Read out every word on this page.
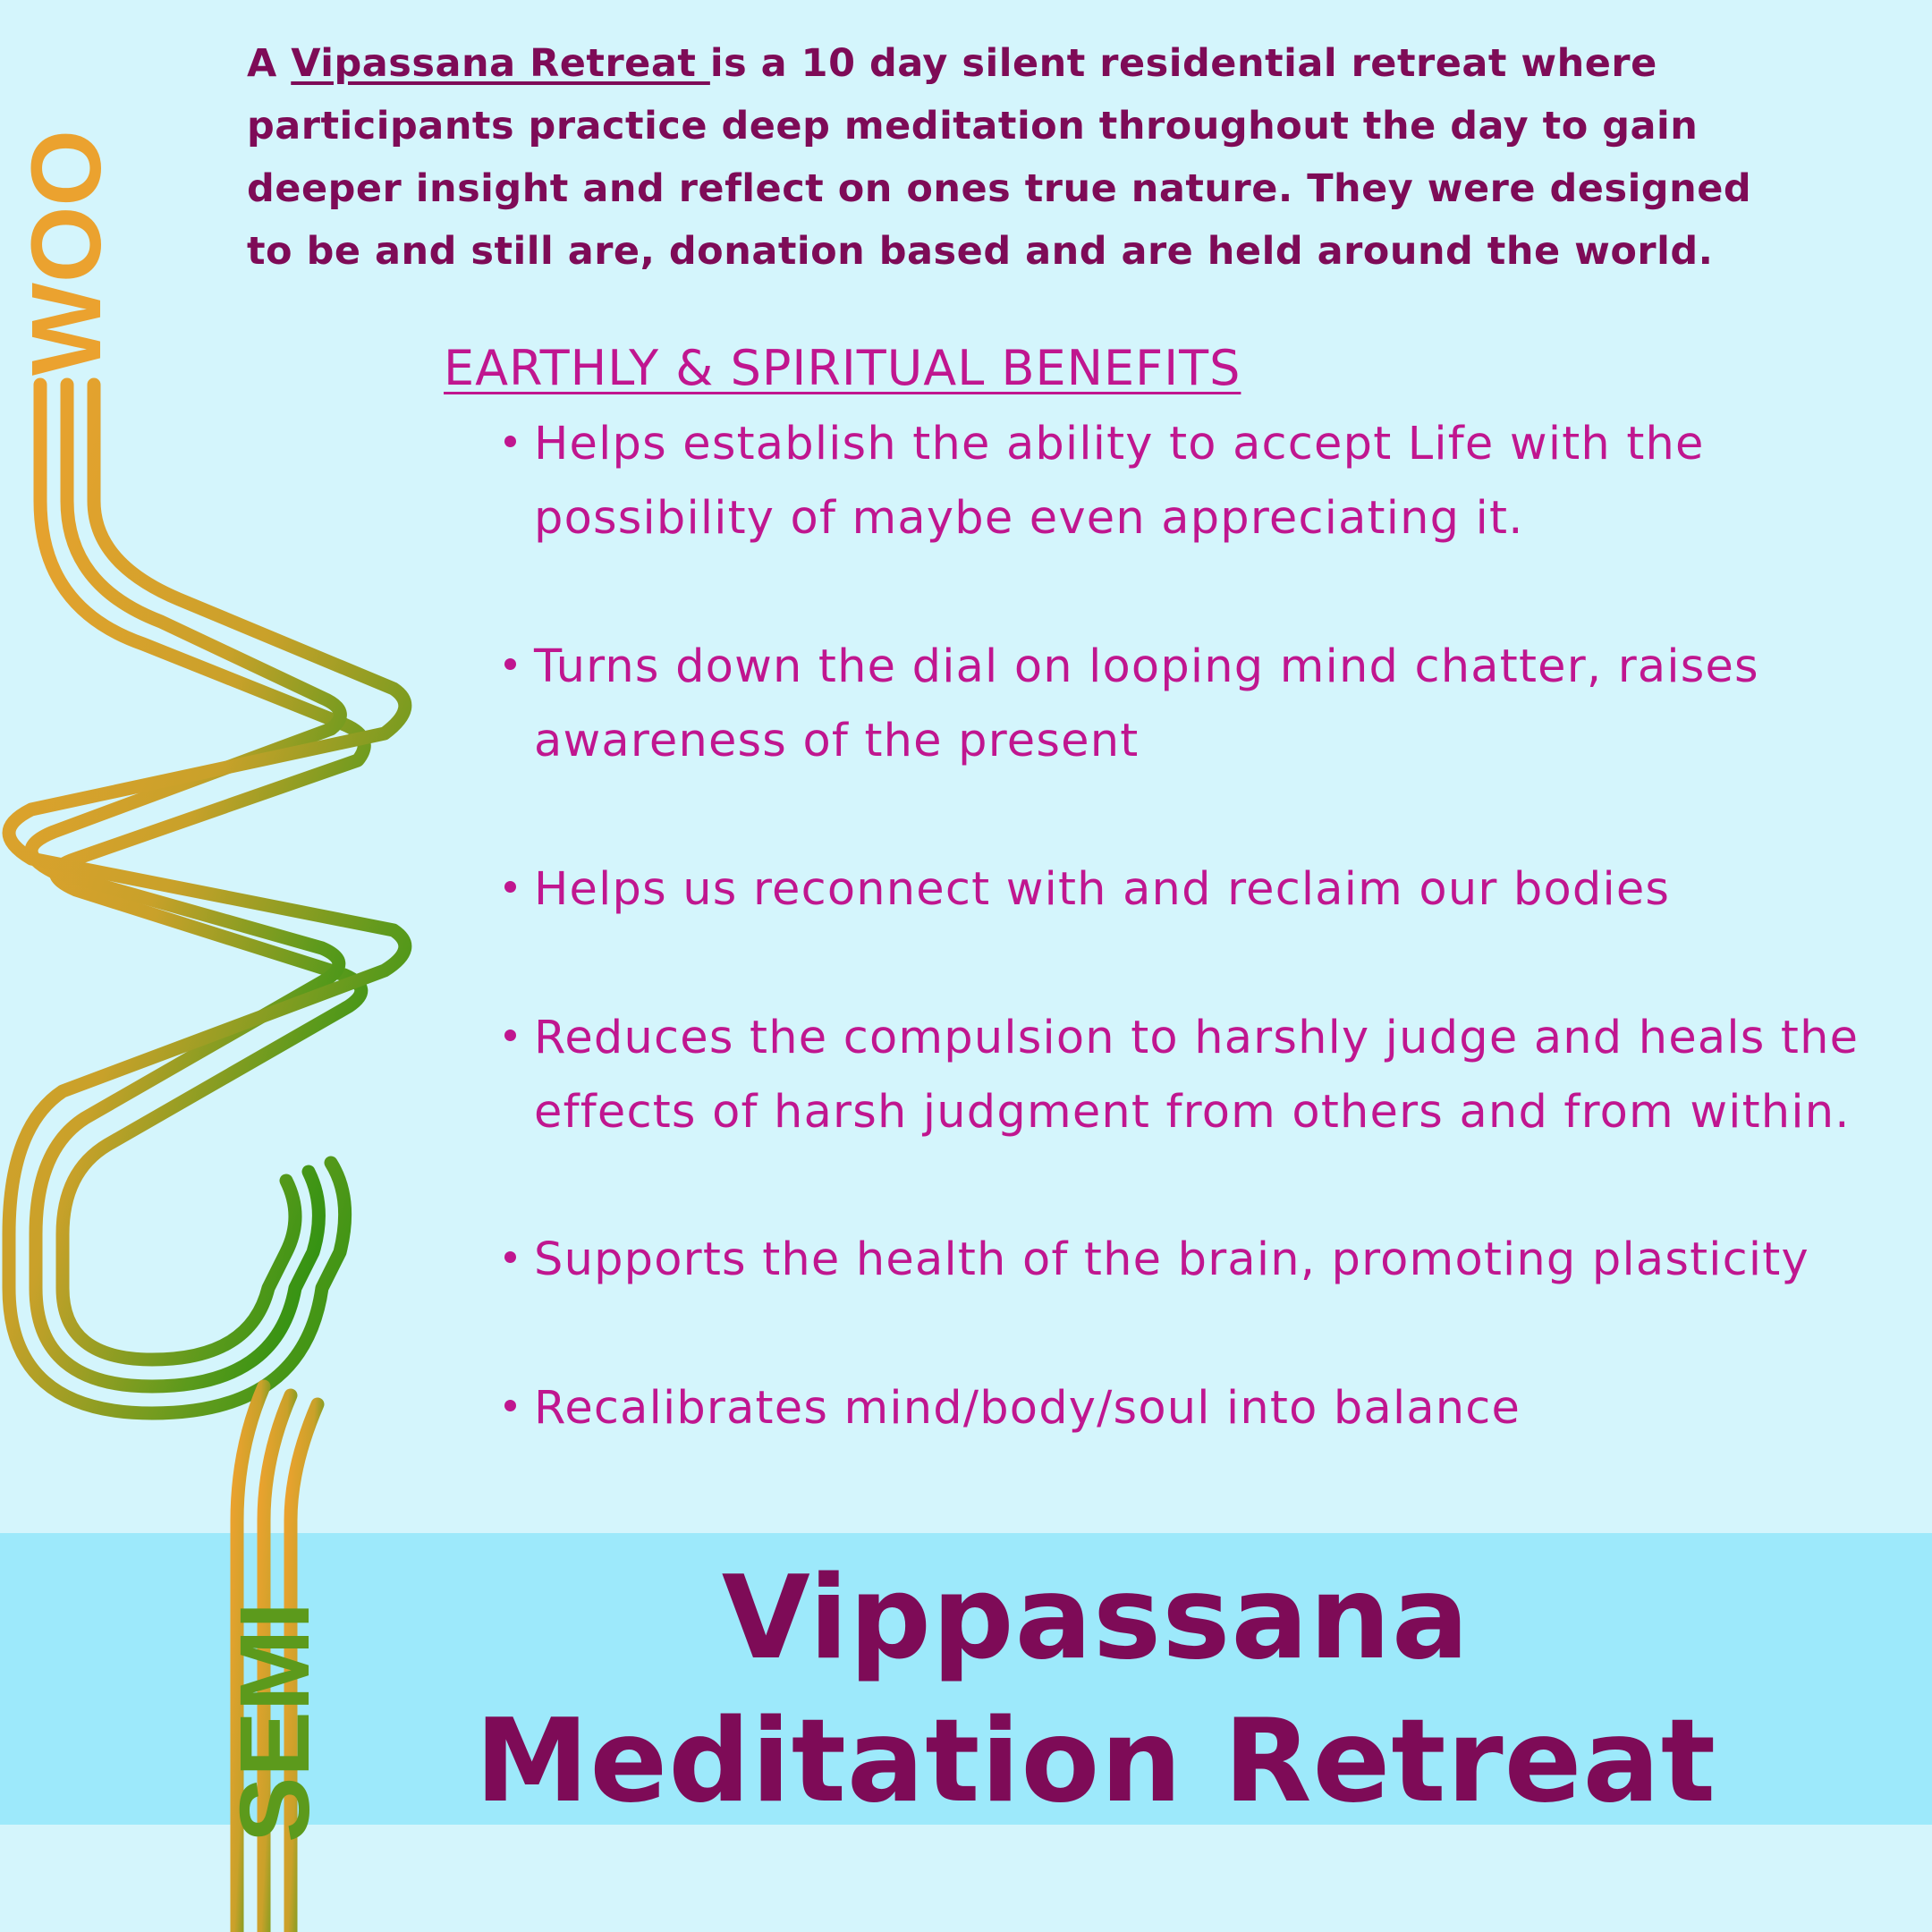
WOO
SEMI

A Vipassana Retreat is a 10 day silent residential retreat where participants practice deep meditation throughout the day to gain deeper insight and reflect on ones true nature. They were designed to be and still are, donation based and are held around the world.

EARTHLY & SPIRITUAL BENEFITS
Helps establish the ability to accept Life with the possibility of maybe even appreciating it.
Turns down the dial on looping mind chatter, raises awareness of the present
Helps us reconnect with and reclaim our bodies
Reduces the compulsion to harshly judge and heals the effects of harsh judgment from others and from within.
Supports the health of the brain, promoting plasticity
Recalibrates mind/body/soul into balance
Vippassana Meditation Retreat
